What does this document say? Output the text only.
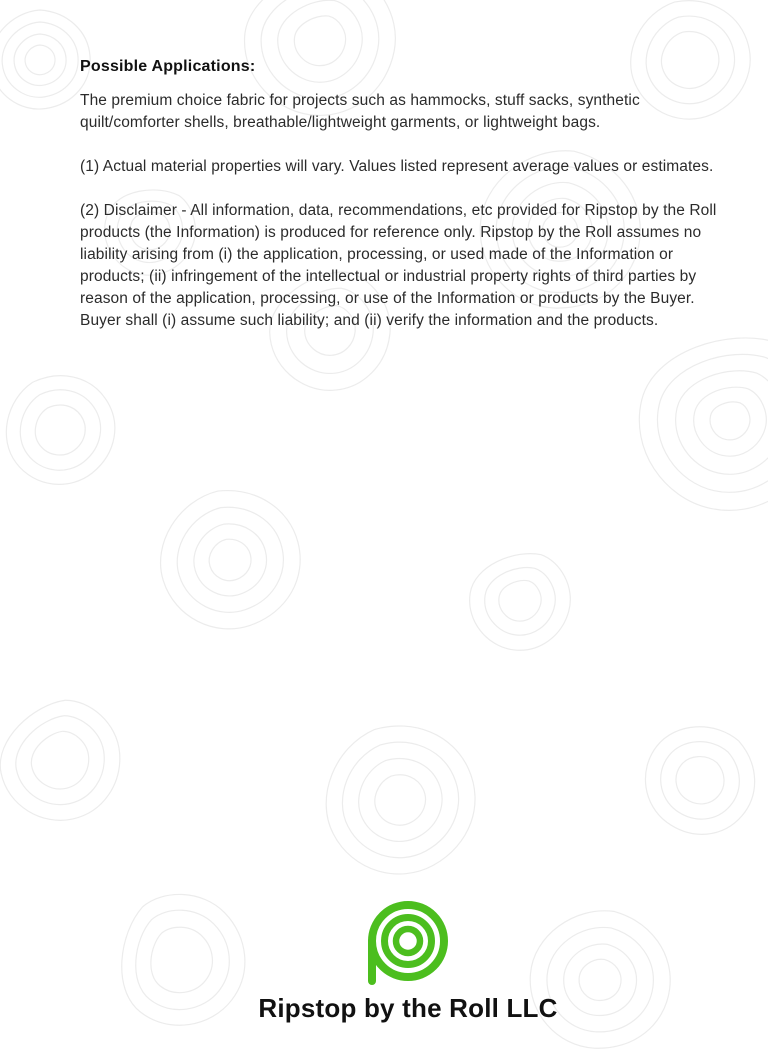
Possible Applications:

The premium choice fabric for projects such as hammocks, stuff sacks, synthetic quilt/comforter shells, breathable/lightweight garments, or lightweight bags.

(1) Actual material properties will vary. Values listed represent average values or estimates.

(2) Disclaimer - All information, data, recommendations, etc provided for Ripstop by the Roll products (the Information) is produced for reference only. Ripstop by the Roll assumes no liability arising from (i) the application, processing, or used made of the Information or products; (ii) infringement of the intellectual or industrial property rights of third parties by reason of the application, processing, or use of the Information or products by the Buyer. Buyer shall (i) assume such liability; and (ii) verify the information and the products.

Ripstop by the Roll LLC
